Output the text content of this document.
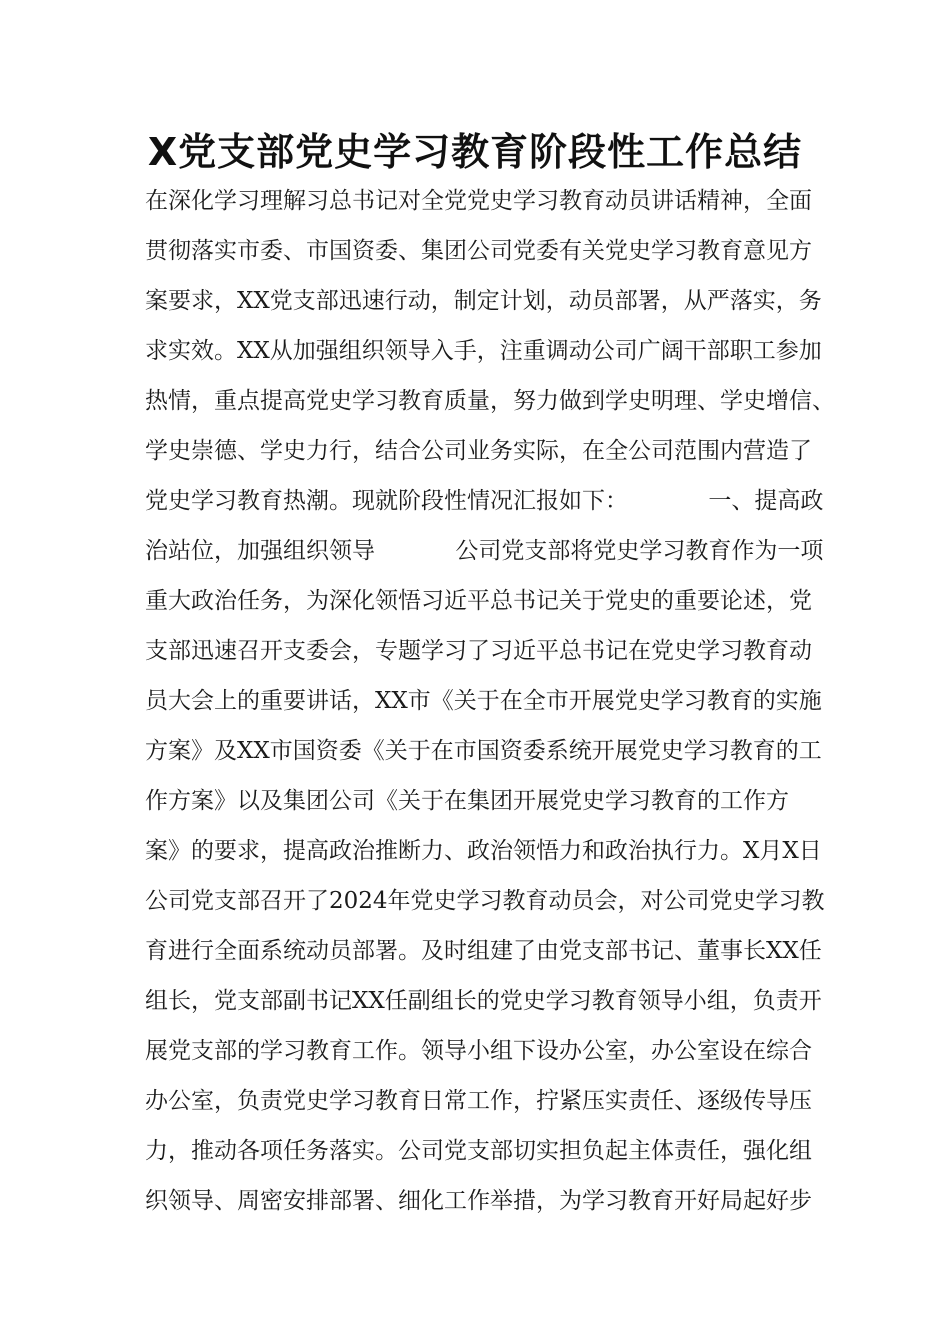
X党支部党史学习教育阶段性工作总结

在深化学习理解习总书记对全党党史学习教育动员讲话精神，全面

贯彻落实市委、市国资委、集团公司党委有关党史学习教育意见方

案要求，XX党支部迅速行动，制定计划，动员部署，从严落实，务

求实效。XX从加强组织领导入手，注重调动公司广阔干部职工参加

热情，重点提高党史学习教育质量，努力做到学史明理、学史增信、

学史崇德、学史力行，结合公司业务实际，在全公司范围内营造了

党史学习教育热潮。现就阶段性情况汇报如下：           一、提高政

治站位，加强组织领导           公司党支部将党史学习教育作为一项

重大政治任务，为深化领悟习近平总书记关于党史的重要论述，党

支部迅速召开支委会，专题学习了习近平总书记在党史学习教育动

员大会上的重要讲话，XX市《关于在全市开展党史学习教育的实施

方案》及XX市国资委《关于在市国资委系统开展党史学习教育的工

作方案》以及集团公司《关于在集团开展党史学习教育的工作方

案》的要求，提高政治推断力、政治领悟力和政治执行力。X月X日

公司党支部召开了2024年党史学习教育动员会，对公司党史学习教

育进行全面系统动员部署。及时组建了由党支部书记、董事长XX任

组长，党支部副书记XX任副组长的党史学习教育领导小组，负责开

展党支部的学习教育工作。领导小组下设办公室，办公室设在综合

办公室，负责党史学习教育日常工作，拧紧压实责任、逐级传导压

力，推动各项任务落实。公司党支部切实担负起主体责任，强化组

织领导、周密安排部署、细化工作举措，为学习教育开好局起好步
